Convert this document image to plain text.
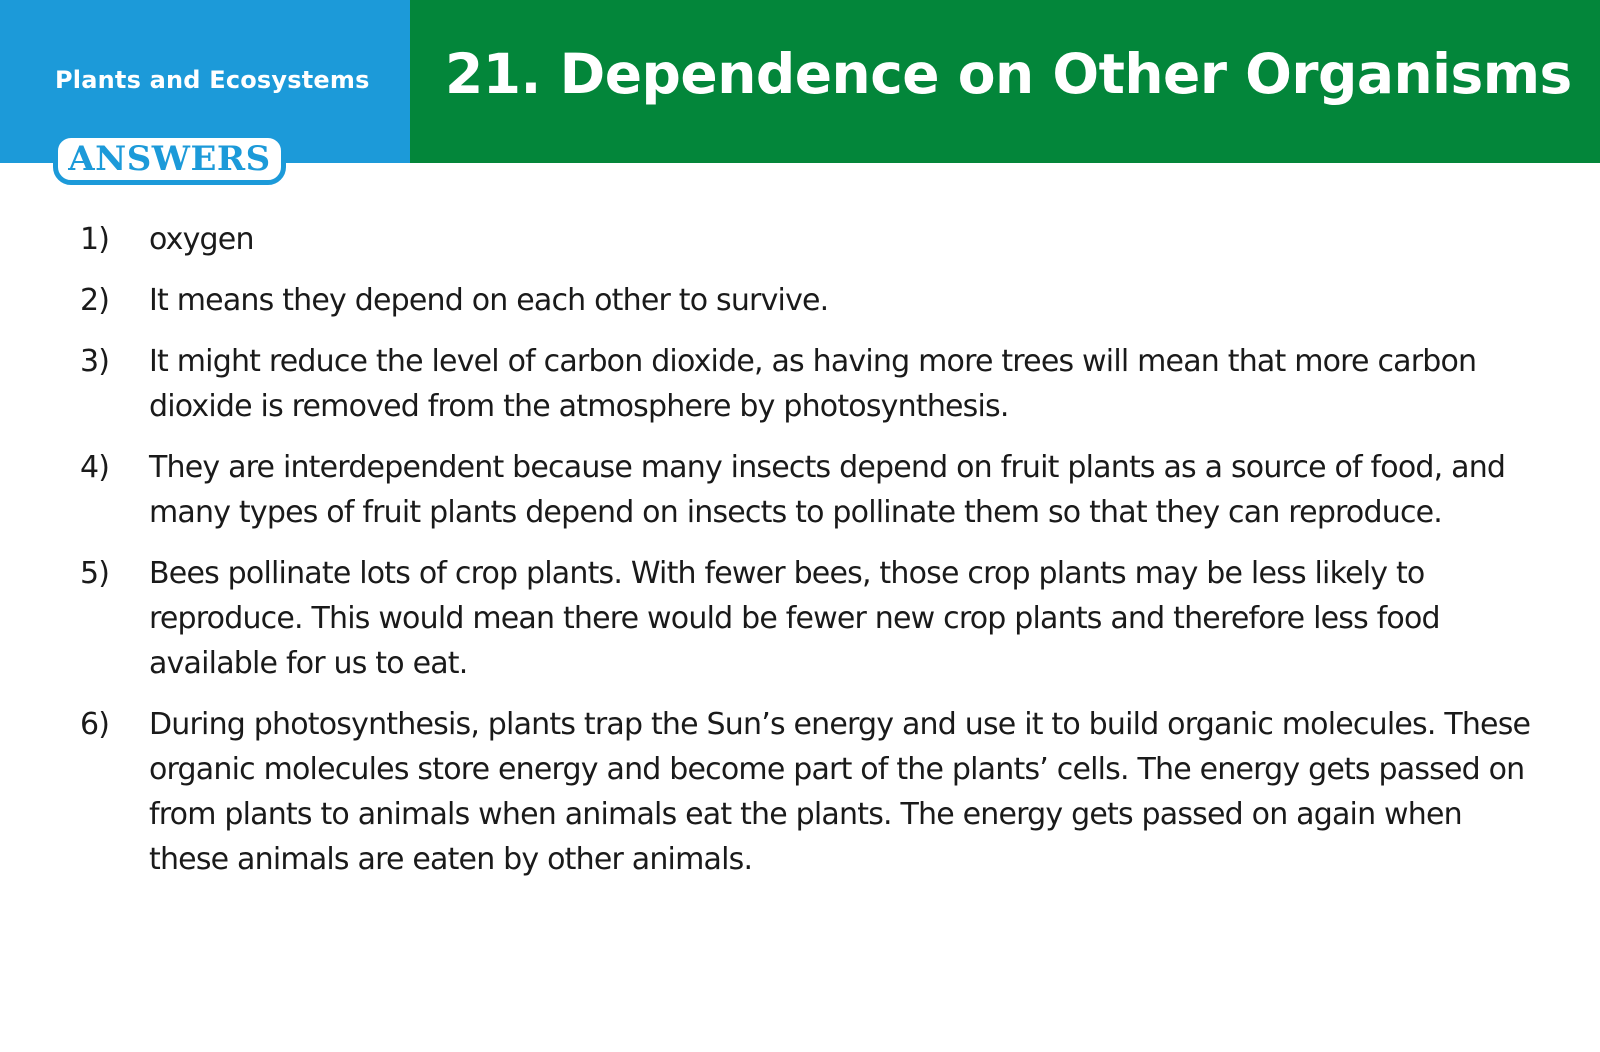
Plants and Ecosystems
ANSWERS
21. Dependence on Other Organisms
1)	oxygen
2)	It means they depend on each other to survive.
3)	It might reduce the level of carbon dioxide, as having more trees will mean that more carbon dioxide is removed from the atmosphere by photosynthesis.
4)	They are interdependent because many insects depend on fruit plants as a source of food, and many types of fruit plants depend on insects to pollinate them so that they can reproduce.
5)	Bees pollinate lots of crop plants. With fewer bees, those crop plants may be less likely to reproduce. This would mean there would be fewer new crop plants and therefore less food available for us to eat.
6)	During photosynthesis, plants trap the Sun’s energy and use it to build organic molecules. These organic molecules store energy and become part of the plants’ cells. The energy gets passed on from plants to animals when animals eat the plants. The energy gets passed on again when these animals are eaten by other animals.
